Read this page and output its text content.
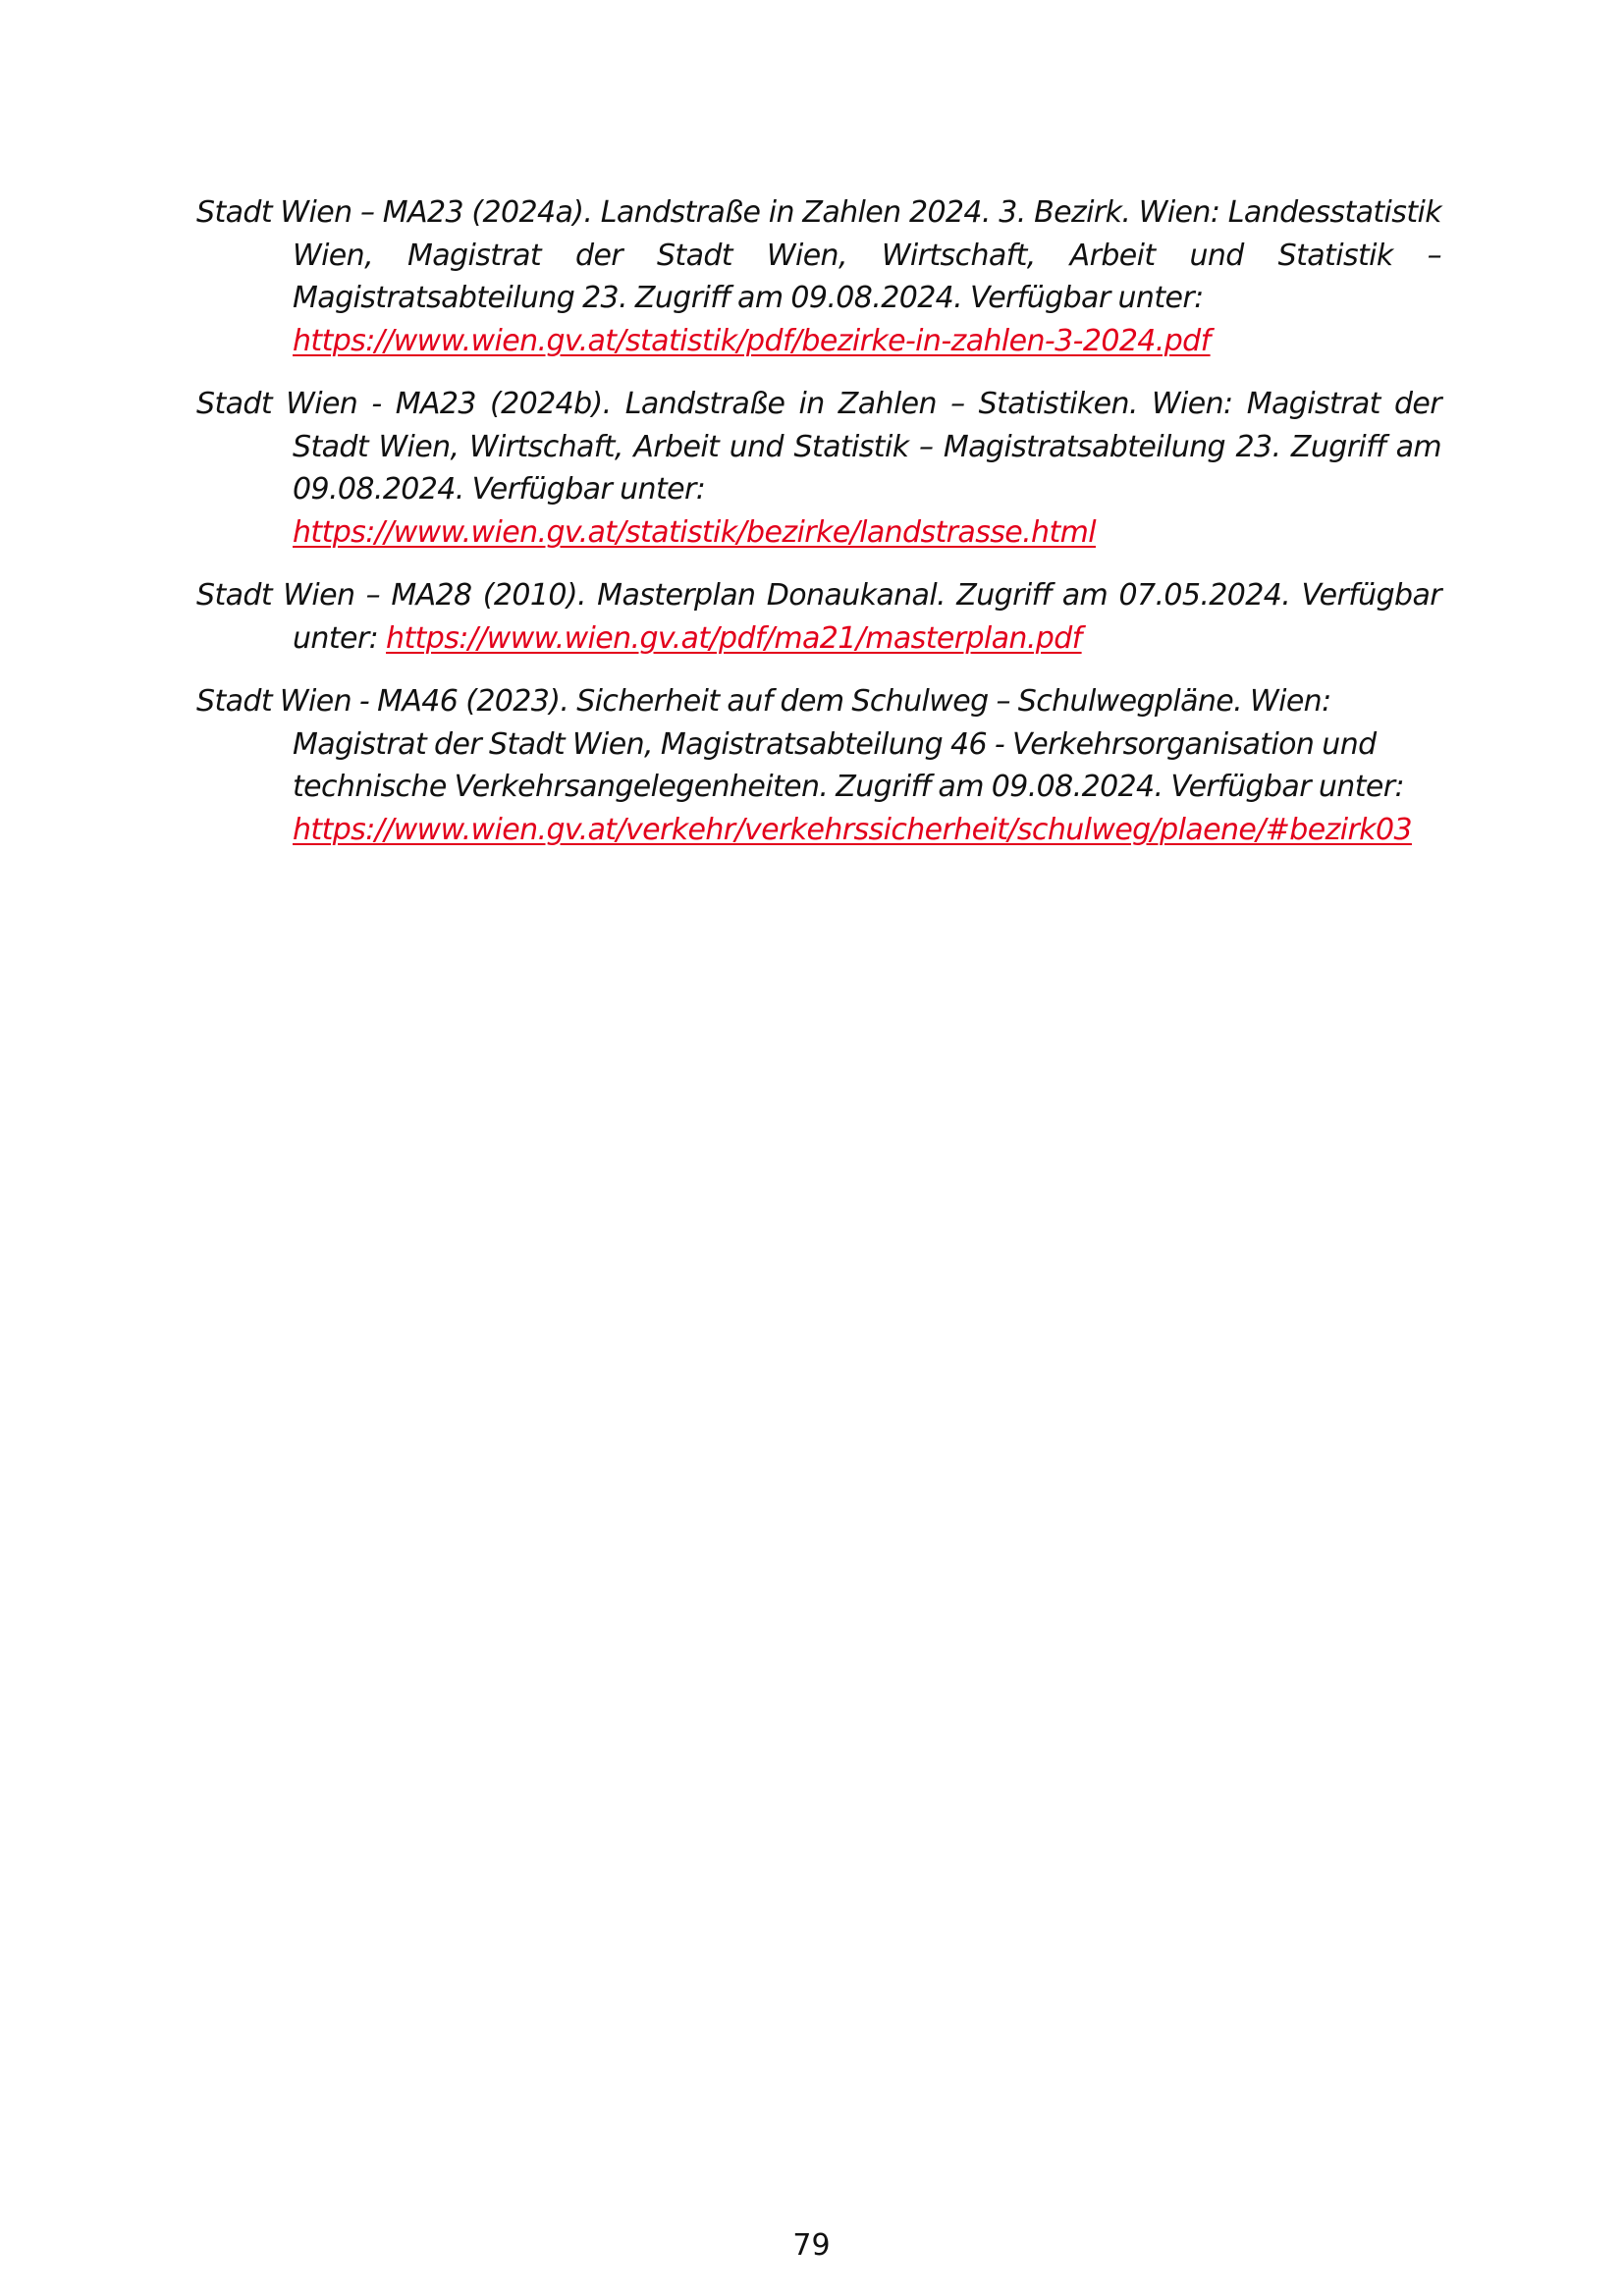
Stadt Wien – MA23 (2024a). Landstraße in Zahlen 2024. 3. Bezirk. Wien: Landesstatistik Wien, Magistrat der Stadt Wien, Wirtschaft, Arbeit und Statistik – Magistratsabteilung 23. Zugriff am 09.08.2024. Verfügbar unter:
https://www.wien.gv.at/statistik/pdf/bezirke-in-zahlen-3-2024.pdf

Stadt Wien - MA23 (2024b). Landstraße in Zahlen – Statistiken. Wien: Magistrat der Stadt Wien, Wirtschaft, Arbeit und Statistik – Magistratsabteilung 23. Zugriff am 09.08.2024. Verfügbar unter:
https://www.wien.gv.at/statistik/bezirke/landstrasse.html

Stadt Wien – MA28 (2010). Masterplan Donaukanal. Zugriff am 07.05.2024. Verfügbar unter: https://www.wien.gv.at/pdf/ma21/masterplan.pdf

Stadt Wien - MA46 (2023). Sicherheit auf dem Schulweg – Schulwegpläne. Wien: Magistrat der Stadt Wien, Magistratsabteilung 46 - Verkehrsorganisation und technische Verkehrsangelegenheiten. Zugriff am 09.08.2024. Verfügbar unter:
https://www.wien.gv.at/verkehr/verkehrssicherheit/schulweg/plaene/#bezirk03

79
